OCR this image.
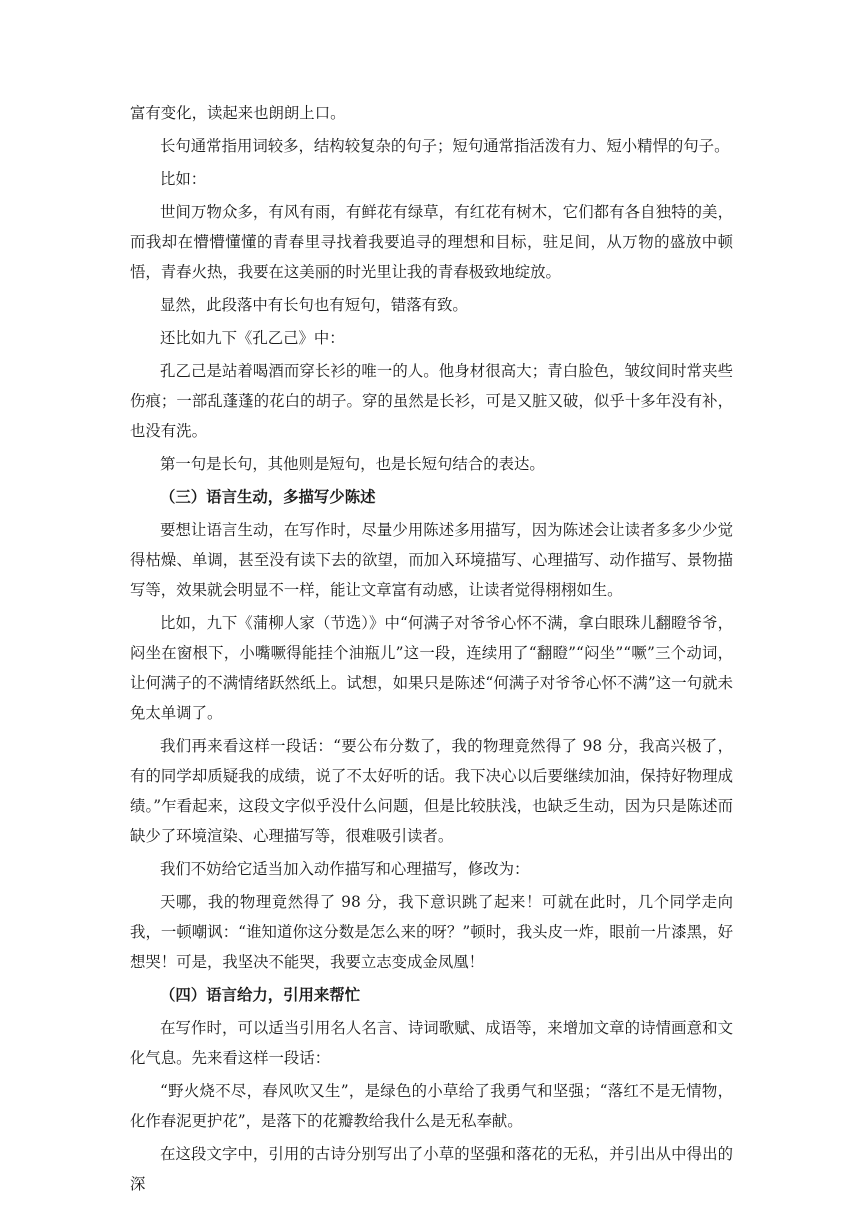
富有变化，读起来也朗朗上口。

长句通常指用词较多，结构较复杂的句子；短句通常指活泼有力、短小精悍的句子。

比如：

世间万物众多，有风有雨，有鲜花有绿草，有红花有树木，它们都有各自独特的美，而我却在懵懵懂懂的青春里寻找着我要追寻的理想和目标，驻足间，从万物的盛放中顿悟，青春火热，我要在这美丽的时光里让我的青春极致地绽放。

显然，此段落中有长句也有短句，错落有致。

还比如九下《孔乙己》中：

孔乙己是站着喝酒而穿长衫的唯一的人。他身材很高大；青白脸色，皱纹间时常夹些伤痕；一部乱蓬蓬的花白的胡子。穿的虽然是长衫，可是又脏又破，似乎十多年没有补，也没有洗。

第一句是长句，其他则是短句，也是长短句结合的表达。

（三）语言生动，多描写少陈述

要想让语言生动，在写作时，尽量少用陈述多用描写，因为陈述会让读者多多少少觉得枯燥、单调，甚至没有读下去的欲望，而加入环境描写、心理描写、动作描写、景物描写等，效果就会明显不一样，能让文章富有动感，让读者觉得栩栩如生。

比如，九下《蒲柳人家（节选）》中“何满子对爷爷心怀不满，拿白眼珠儿翻瞪爷爷，闷坐在窗根下，小嘴噘得能挂个油瓶儿”这一段，连续用了“翻瞪”“闷坐”“噘”三个动词，让何满子的不满情绪跃然纸上。试想，如果只是陈述“何满子对爷爷心怀不满”这一句就未免太单调了。

我们再来看这样一段话：“要公布分数了，我的物理竟然得了 98 分，我高兴极了，有的同学却质疑我的成绩，说了不太好听的话。我下决心以后要继续加油，保持好物理成绩。”乍看起来，这段文字似乎没什么问题，但是比较肤浅，也缺乏生动，因为只是陈述而缺少了环境渲染、心理描写等，很难吸引读者。

我们不妨给它适当加入动作描写和心理描写，修改为：

天哪，我的物理竟然得了 98 分，我下意识跳了起来！可就在此时，几个同学走向我，一顿嘲讽：“谁知道你这分数是怎么来的呀？”顿时，我头皮一炸，眼前一片漆黑，好想哭！可是，我坚决不能哭，我要立志变成金凤凰！

（四）语言给力，引用来帮忙

在写作时，可以适当引用名人名言、诗词歌赋、成语等，来增加文章的诗情画意和文化气息。先来看这样一段话：

“野火烧不尽，春风吹又生”，是绿色的小草给了我勇气和坚强；“落红不是无情物，化作春泥更护花”，是落下的花瓣教给我什么是无私奉献。

在这段文字中，引用的古诗分别写出了小草的坚强和落花的无私，并引出从中得出的深
